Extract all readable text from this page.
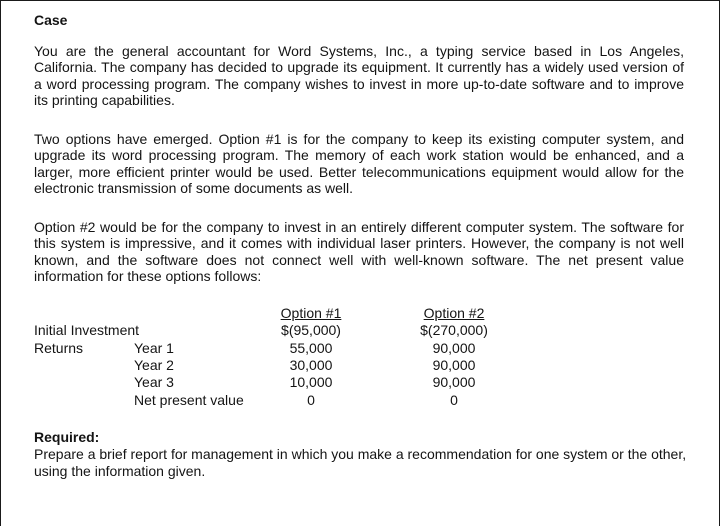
Case

You are the general accountant for Word Systems, Inc., a typing service based in Los Angeles, California. The company has decided to upgrade its equipment. It currently has a widely used version of a word processing program. The company wishes to invest in more up-to-date software and to improve its printing capabilities.

Two options have emerged. Option #1 is for the company to keep its existing computer system, and upgrade its word processing program. The memory of each work station would be enhanced, and a larger, more efficient printer would be used. Better telecommunications equipment would allow for the electronic transmission of some documents as well.

Option #2 would be for the company to invest in an entirely different computer system. The software for this system is impressive, and it comes with individual laser printers. However, the company is not well known, and the software does not connect well with well-known software. The net present value information for these options follows:

Option #1	Option #2
Initial Investment
Returns	Year 1
Year 2
Year 3
Net present value
$(95,000)
55,000
30,000
10,000
0
$(270,000)
90,000
90,000
90,000
0
Required:

Prepare a brief report for management in which you make a recommendation for one system or the other, using the information given.
